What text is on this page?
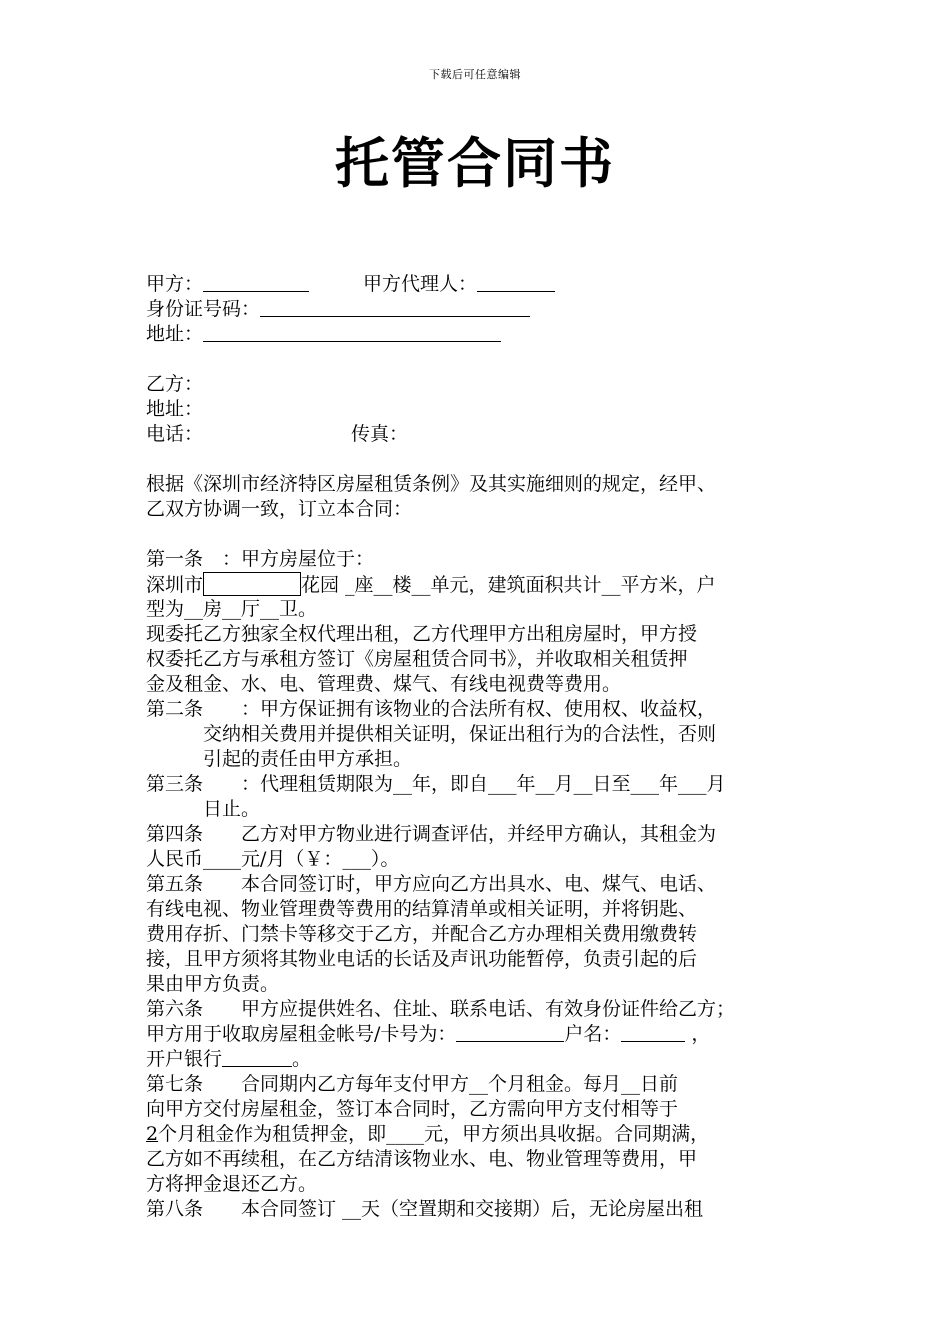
下载后可任意编辑
托管合同书
甲方：	甲方代理人：
身份证号码：
地址：
乙方：
地址：
电话：	传真：
根据《深圳市经济特区房屋租赁条例》及其实施细则的规定，经甲、
乙双方协调一致，订立本合同：
第一条　：甲方房屋位于：
深圳市	花园 _座__楼__单元，建筑面积共计__平方米，户
型为__房__厅__卫。
现委托乙方独家全权代理出租，乙方代理甲方出租房屋时，甲方授
权委托乙方与承租方签订《房屋租赁合同书》，并收取相关租赁押
金及租金、水、电、管理费、煤气、有线电视费等费用。
第二条　　：甲方保证拥有该物业的合法所有权、使用权、收益权，
交纳相关费用并提供相关证明，保证出租行为的合法性，否则
引起的责任由甲方承担。
第三条　　：代理租赁期限为__年，即自___年__月__日至___年___月
日止。
第四条　　乙方对甲方物业进行调查评估，并经甲方确认，其租金为
人民币____元/月（￥：___）。
第五条　　本合同签订时，甲方应向乙方出具水、电、煤气、电话、
有线电视、物业管理费等费用的结算清单或相关证明，并将钥匙、
费用存折、门禁卡等移交于乙方，并配合乙方办理相关费用缴费转
接，且甲方须将其物业电话的长话及声讯功能暂停，负责引起的后
果由甲方负责。
第六条　　甲方应提供姓名、住址、联系电话、有效身份证件给乙方；
甲方用于收取房屋租金帐号/卡号为：	户名：	，
开户银行	。
第七条　　合同期内乙方每年支付甲方__个月租金。每月__日前
向甲方交付房屋租金，签订本合同时，乙方需向甲方支付相等于
2个月租金作为租赁押金，即____元，甲方须出具收据。合同期满，
乙方如不再续租，在乙方结清该物业水、电、物业管理等费用，甲
方将押金退还乙方。
第八条　　本合同签订 __天（空置期和交接期）后，无论房屋出租
